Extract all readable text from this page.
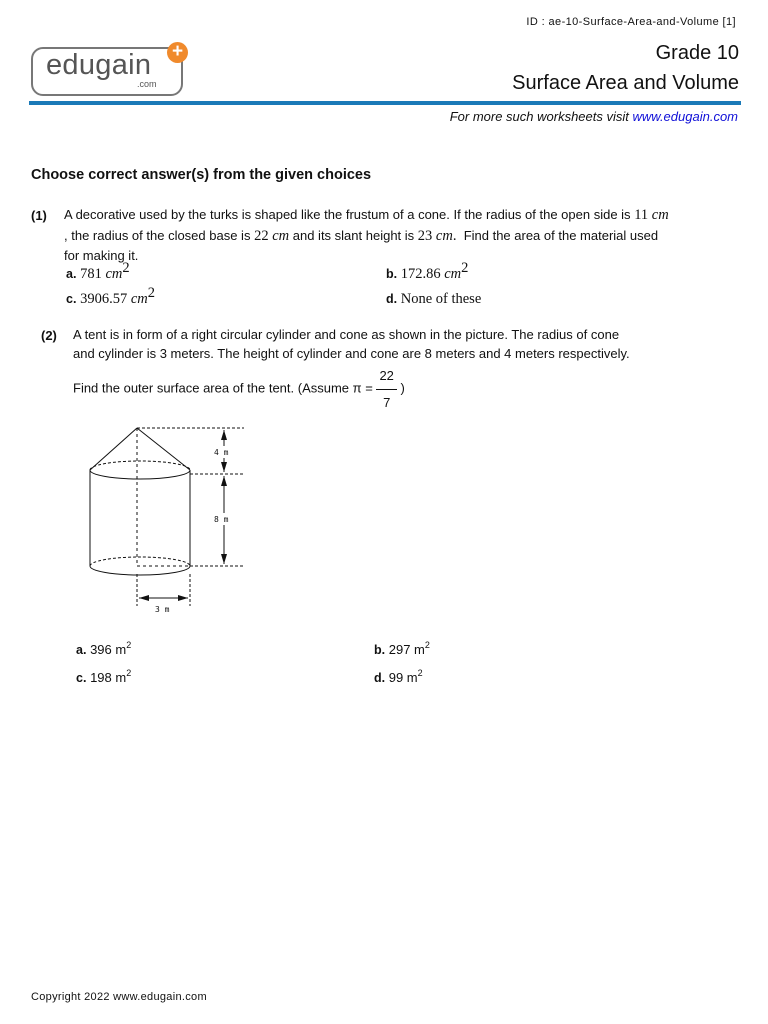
ID : ae-10-Surface-Area-and-Volume [1]
edugain
.com
+	Grade 10
Surface Area and Volume
For more such worksheets visit www.edugain.com
Choose correct answer(s) from the given choices
(1) A decorative used by the turks is shaped like the frustum of a cone. If the radius of the open side is 11 cm
, the radius of the closed base is 22 cm and its slant height is 23 cm. Find the area of the material used
for making it.
a. 781 $cm^2$	b. 172.86 $cm^2$
c. 3906.57 $cm^2$	d. None of these
(2) A tent is in form of a right circular cylinder and cone as shown in the picture. The radius of cone
and cylinder is 3 meters. The height of cylinder and cone are 8 meters and 4 meters respectively.
Find the outer surface area of the tent. (Assume $\pi = \frac{22}{7}$ )
4 m
8 m
3 m
a. 396 $m^2$	b. 297 $m^2$
c. 198 $m^2$	d. 99 $m^2$
Copyright 2022 www.edugain.com
